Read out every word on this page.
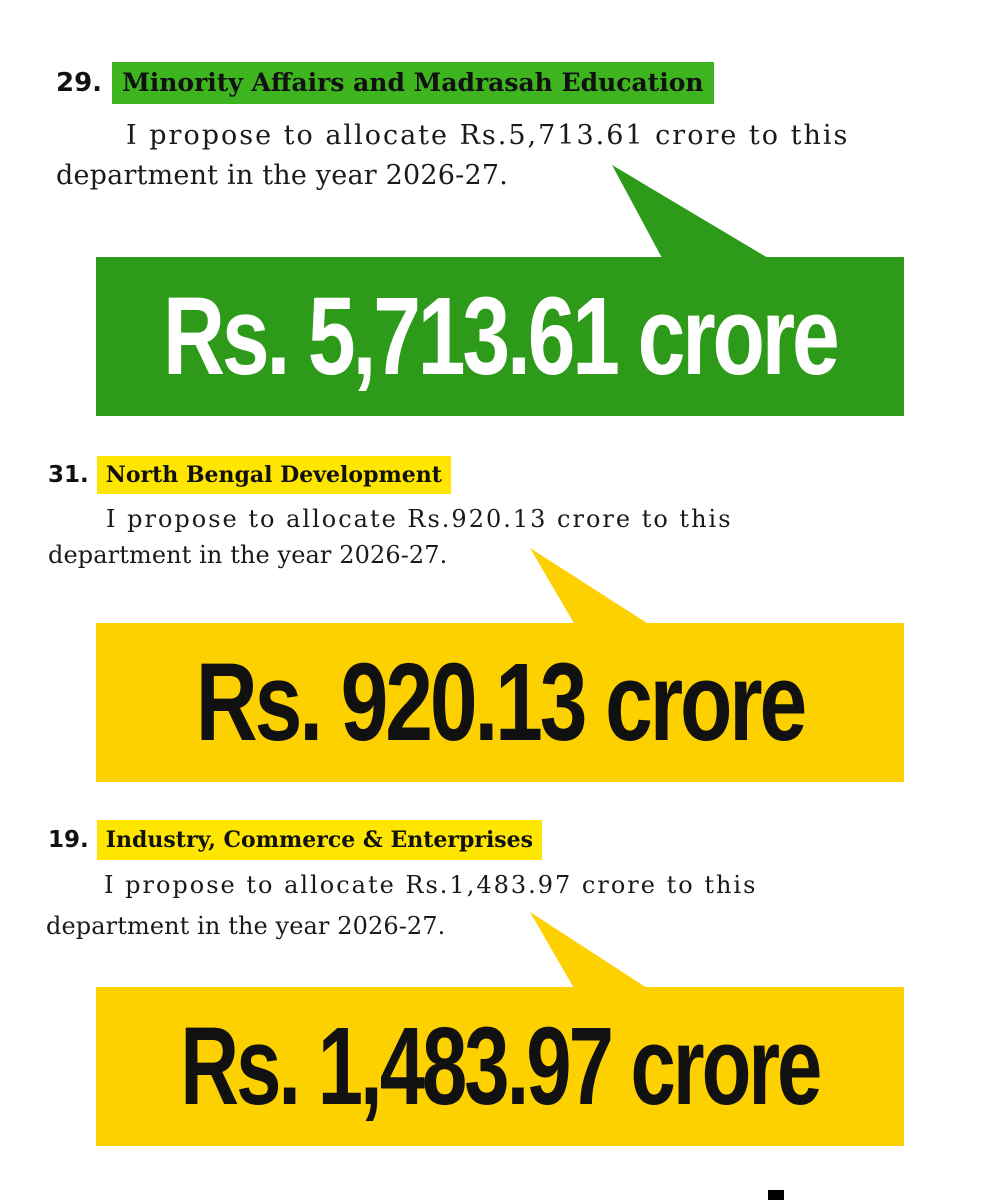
29. Minority Affairs and Madrasah Education
I propose to allocate Rs.5,713.61 crore to this
department in the year 2026-27.
Rs. 5,713.61 crore
31. North Bengal Development
I propose to allocate Rs.920.13 crore to this
department in the year 2026-27.
Rs. 920.13 crore
19. Industry, Commerce & Enterprises
I propose to allocate Rs.1,483.97 crore to this
department in the year 2026-27.
Rs. 1,483.97 crore
